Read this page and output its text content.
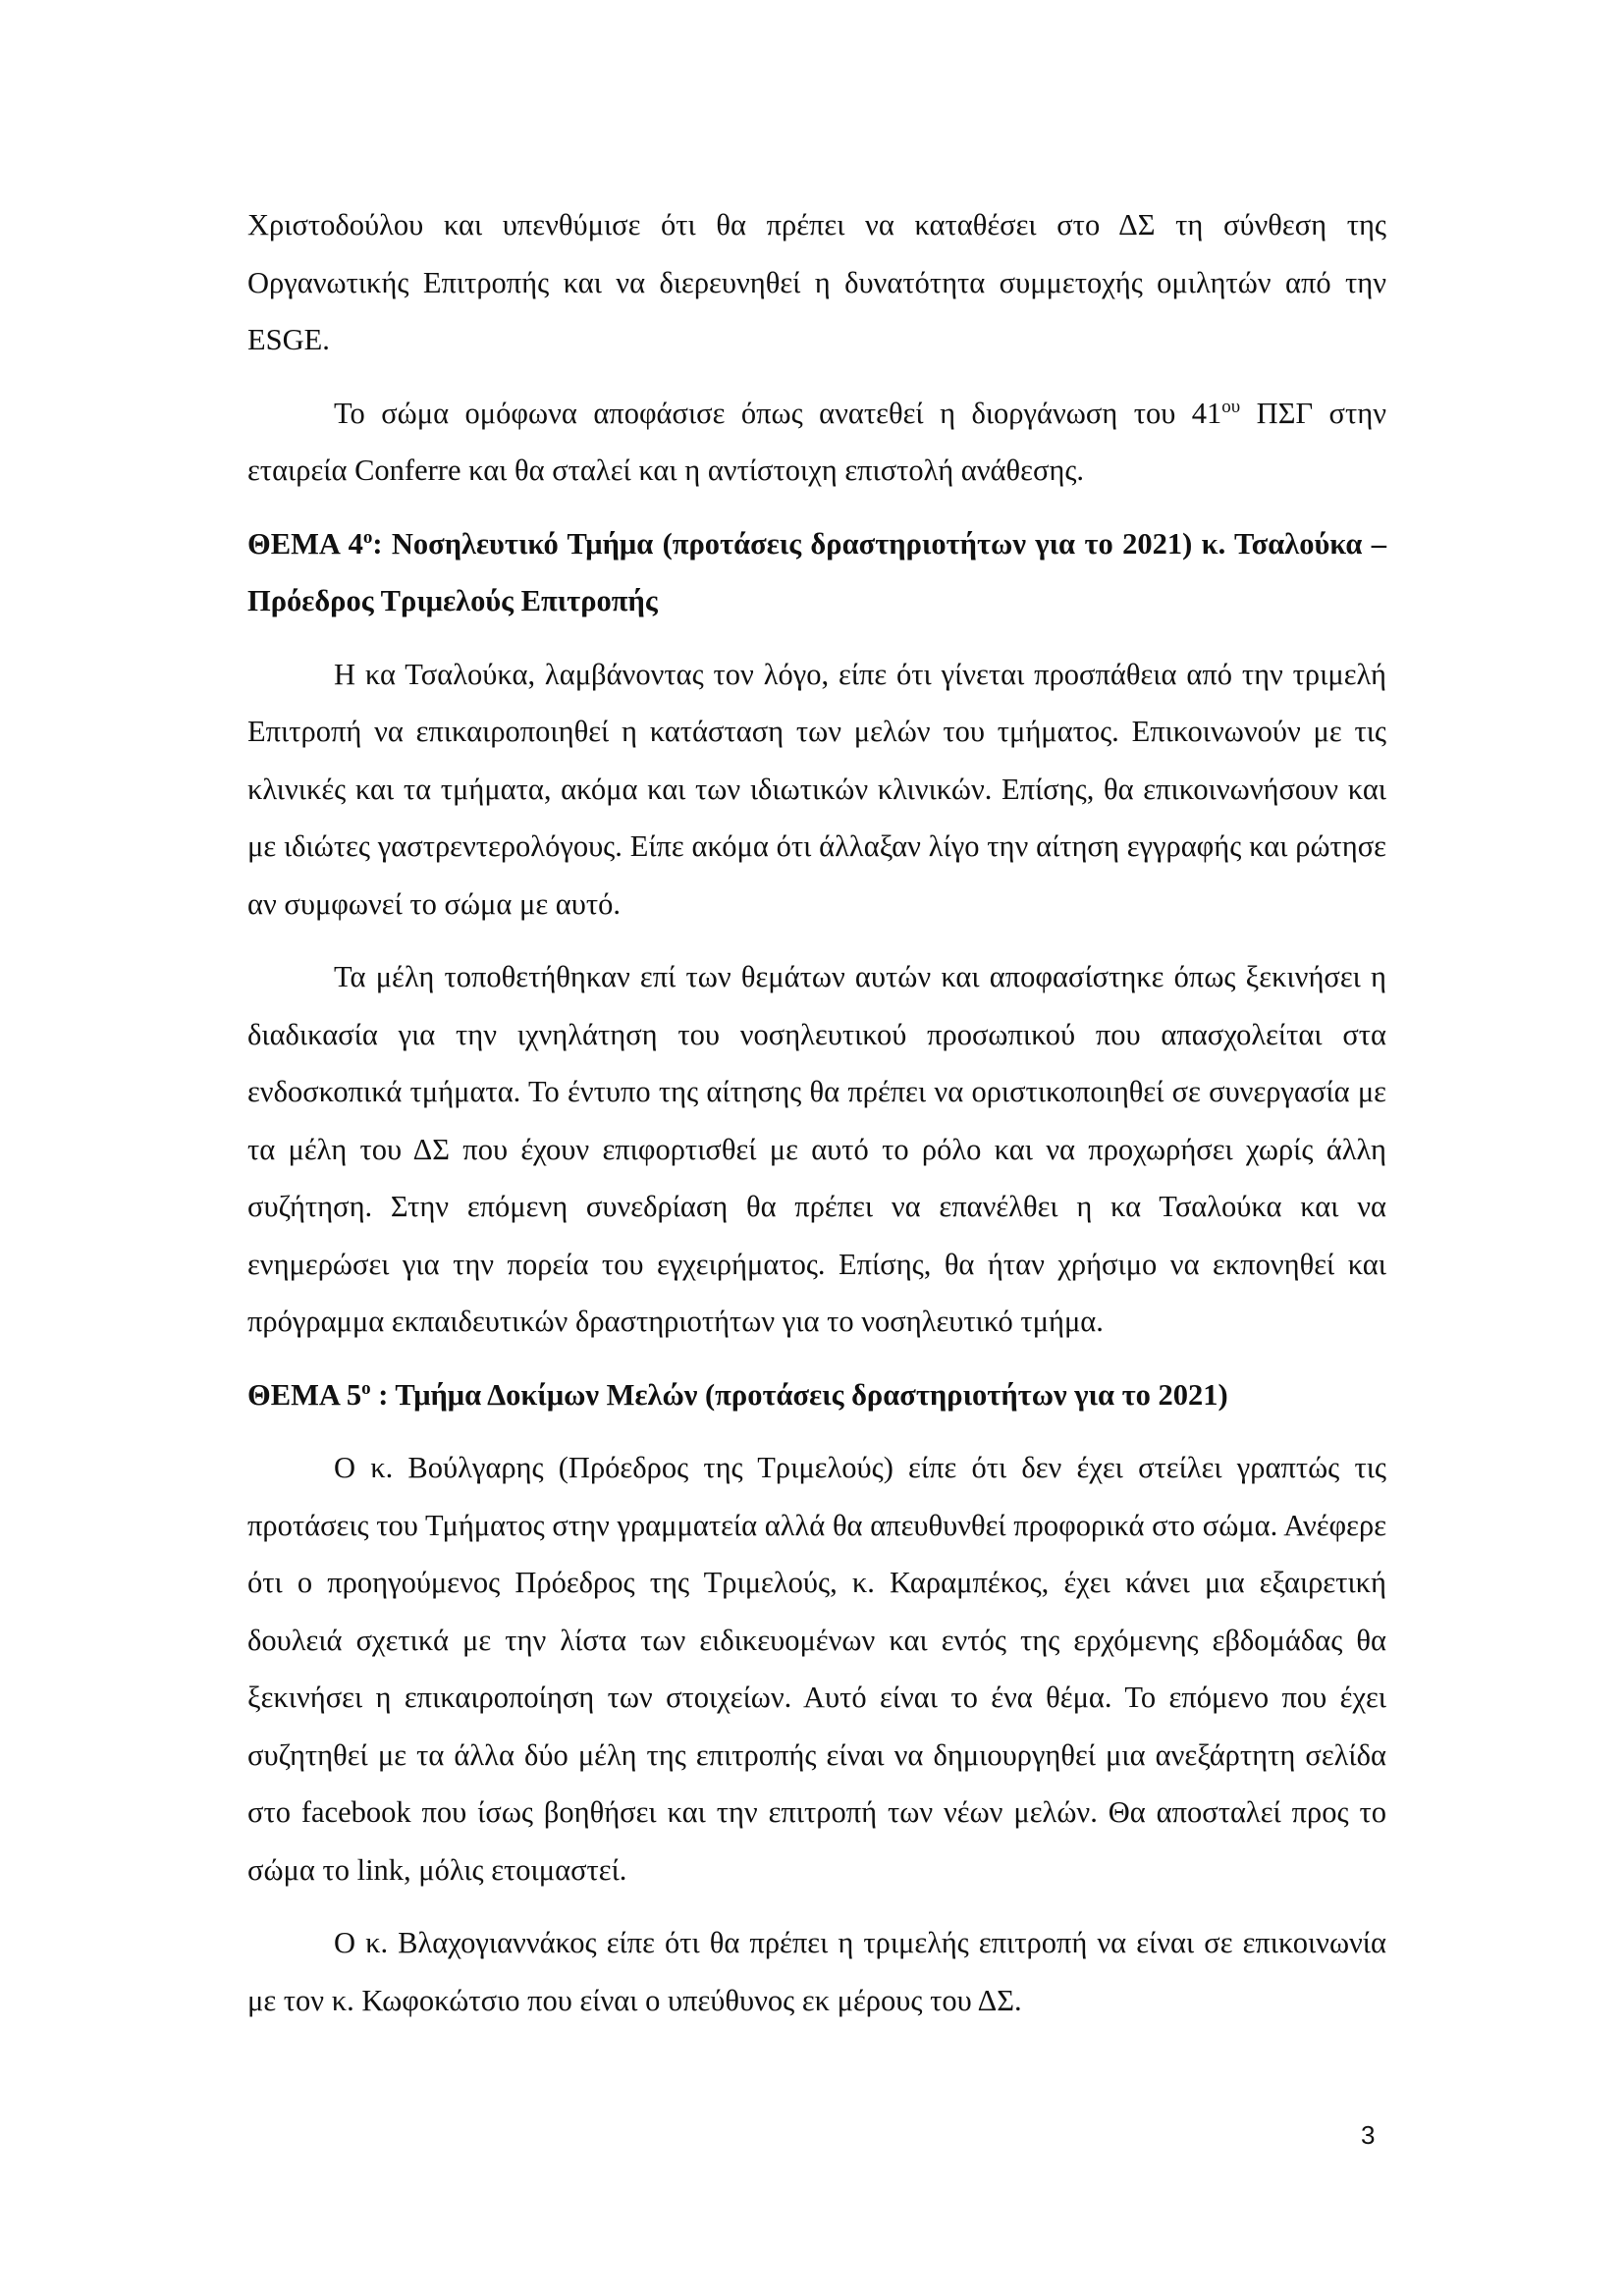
Χριστοδούλου και υπενθύμισε ότι θα πρέπει να καταθέσει στο ΔΣ τη σύνθεση της Οργανωτικής Επιτροπής και να διερευνηθεί η δυνατότητα συμμετοχής ομιλητών από την ESGE.

Το σώμα ομόφωνα αποφάσισε όπως ανατεθεί η διοργάνωση του $41^{o\upsilon}$ ΠΣΓ στην εταιρεία Conferre και θα σταλεί και η αντίστοιχη επιστολή ανάθεσης.

ΘΕΜΑ $4^o$: Νοσηλευτικό Τμήμα (προτάσεις δραστηριοτήτων για το 2021) κ. Τσαλούκα – Πρόεδρος Τριμελούς Επιτροπής

Η κα Τσαλούκα, λαμβάνοντας τον λόγο, είπε ότι γίνεται προσπάθεια από την τριμελή Επιτροπή να επικαιροποιηθεί η κατάσταση των μελών του τμήματος. Επικοινωνούν με τις κλινικές και τα τμήματα, ακόμα και των ιδιωτικών κλινικών. Επίσης, θα επικοινωνήσουν και με ιδιώτες γαστρεντερολόγους. Είπε ακόμα ότι άλλαξαν λίγο την αίτηση εγγραφής και ρώτησε αν συμφωνεί το σώμα με αυτό.

Τα μέλη τοποθετήθηκαν επί των θεμάτων αυτών και αποφασίστηκε όπως ξεκινήσει η διαδικασία για την ιχνηλάτηση του νοσηλευτικού προσωπικού που απασχολείται στα ενδοσκοπικά τμήματα. Το έντυπο της αίτησης θα πρέπει να οριστικοποιηθεί σε συνεργασία με τα μέλη του ΔΣ που έχουν επιφορτισθεί με αυτό το ρόλο και να προχωρήσει χωρίς άλλη συζήτηση. Στην επόμενη συνεδρίαση θα πρέπει να επανέλθει η κα Τσαλούκα και να ενημερώσει για την πορεία του εγχειρήματος. Επίσης, θα ήταν χρήσιμο να εκπονηθεί και πρόγραμμα εκπαιδευτικών δραστηριοτήτων για το νοσηλευτικό τμήμα.

ΘΕΜΑ $5^o$ : Τμήμα Δοκίμων Μελών (προτάσεις δραστηριοτήτων για το 2021)

Ο κ. Βούλγαρης (Πρόεδρος της Τριμελούς) είπε ότι δεν έχει στείλει γραπτώς τις προτάσεις του Τμήματος στην γραμματεία αλλά θα απευθυνθεί προφορικά στο σώμα. Ανέφερε ότι ο προηγούμενος Πρόεδρος της Τριμελούς, κ. Καραμπέκος, έχει κάνει μια εξαιρετική δουλειά σχετικά με την λίστα των ειδικευομένων και εντός της ερχόμενης εβδομάδας θα ξεκινήσει η επικαιροποίηση των στοιχείων. Αυτό είναι το ένα θέμα. Το επόμενο που έχει συζητηθεί με τα άλλα δύο μέλη της επιτροπής είναι να δημιουργηθεί μια ανεξάρτητη σελίδα στο facebook που ίσως βοηθήσει και την επιτροπή των νέων μελών. Θα αποσταλεί προς το σώμα το link, μόλις ετοιμαστεί.

Ο κ. Βλαχογιαννάκος είπε ότι θα πρέπει η τριμελής επιτροπή να είναι σε επικοινωνία με τον κ. Κωφοκώτσιο που είναι ο υπεύθυνος εκ μέρους του ΔΣ.

3
